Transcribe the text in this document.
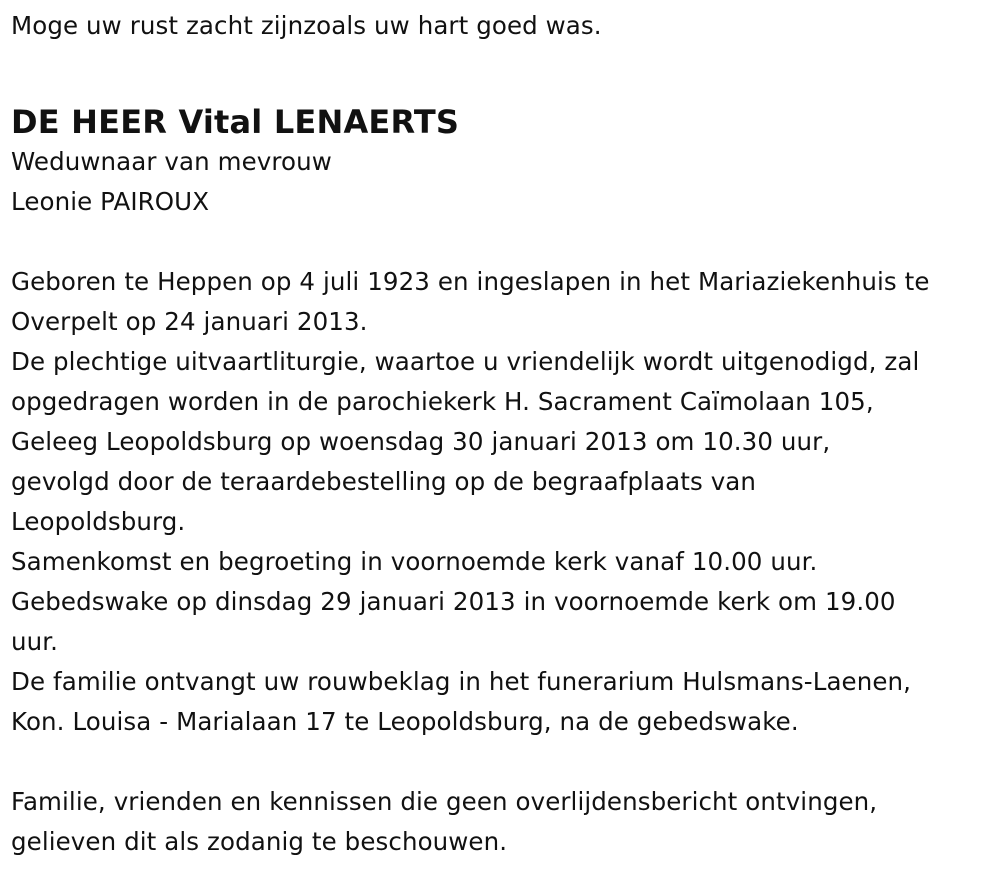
Moge uw rust zacht zijnzoals uw hart goed was.
DE HEER Vital LENAERTS
Weduwnaar van mevrouw
Leonie PAIROUX
Geboren te Heppen op 4 juli 1923 en ingeslapen in het Mariaziekenhuis te
Overpelt op 24 januari 2013.
De plechtige uitvaartliturgie, waartoe u vriendelijk wordt uitgenodigd, zal
opgedragen worden in de parochiekerk H. Sacrament Caïmolaan 105,
Geleeg Leopoldsburg op woensdag 30 januari 2013 om 10.30 uur,
gevolgd door de teraardebestelling op de begraafplaats van
Leopoldsburg.
Samenkomst en begroeting in voornoemde kerk vanaf 10.00 uur.
Gebedswake op dinsdag 29 januari 2013 in voornoemde kerk om 19.00
uur.
De familie ontvangt uw rouwbeklag in het funerarium Hulsmans-Laenen,
Kon. Louisa - Marialaan 17 te Leopoldsburg, na de gebedswake.
Familie, vrienden en kennissen die geen overlijdensbericht ontvingen,
gelieven dit als zodanig te beschouwen.
